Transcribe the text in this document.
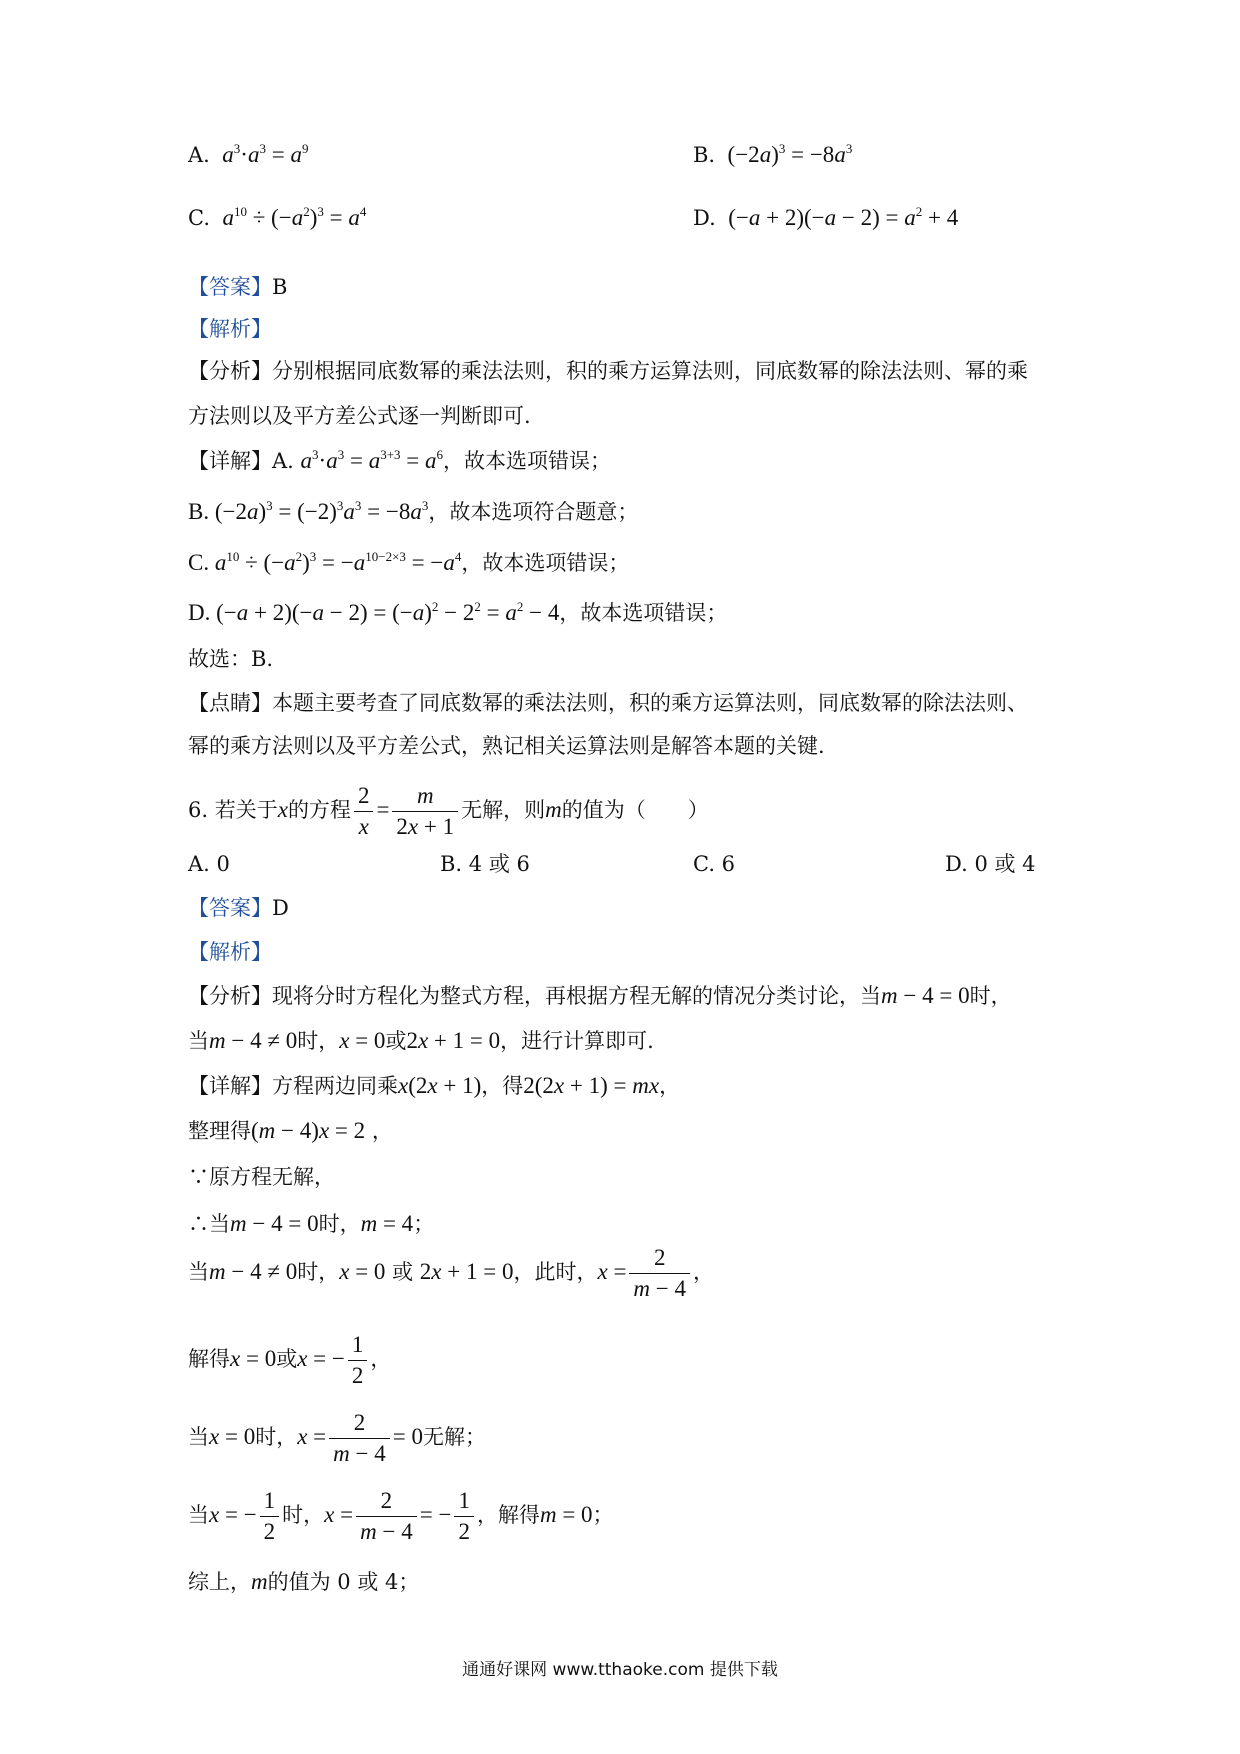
A. $a^3\cdot a^3 = a^9$	B.  $(-2a)^3 = -8a^3$
C. $a^{10} \div (-a^2)^3 = a^4$	D.  $(-a + 2)(-a - 2) = a^2 + 4$
【答案】B
【解析】
【分析】分别根据同底数幂的乘法法则，积的乘方运算法则，同底数幂的除法法则、幂的乘
方法则以及平方差公式逐一判断即可.
【详解】A. $a^3\cdot a^3 = a^{3+3} = a^6$，故本选项错误；
B. $(-2a)^3 = (-2)^3a^3 = -8a^3$，故本选项符合题意；
C. $a^{10} \div (-a^2)^3 = -a^{10-2\times 3} = -a^4$，故本选项错误；
D. $(-a + 2)(-a - 2) = (-a)^2 - 2^2 = a^2 - 4$，故本选项错误；
故选：B.
【点睛】本题主要考查了同底数幂的乘法法则，积的乘方运算法则，同底数幂的除法法则、
幂的乘方法则以及平方差公式，熟记相关运算法则是解答本题的关键.
6. 若关于x的方程 $\frac{2}{x} = \frac{m}{2x + 1}$ 无解，则m的值为（　　）
A. 0	B. 4 或 6	C. 6	D. 0 或 4
【答案】D
【解析】
【分析】现将分时方程化为整式方程，再根据方程无解的情况分类讨论，当m − 4 = 0时，
当m − 4 ≠ 0时，x = 0或2x + 1 = 0，进行计算即可.
【详解】方程两边同乘x(2x + 1)，得2(2x + 1) = mx，
整理得(m − 4)x = 2 ，
∵原方程无解，
∴当m − 4 = 0时，m = 4；
当m − 4 ≠ 0时，x = 0 或 2x + 1 = 0，此时，$x = \frac{2}{m - 4}$ ，
解得x = 0或x = − $\frac{1}{2}$ ，
当x = 0时，$x = \frac{2}{m - 4} = 0$无解；
当x = − $\frac{1}{2}$ 时，$x = \frac{2}{m - 4}$ = − $\frac{1}{2}$ ，解得m = 0；
综上，m的值为 0 或 4；
通通好课网 www.tthaoke.com 提供下载
